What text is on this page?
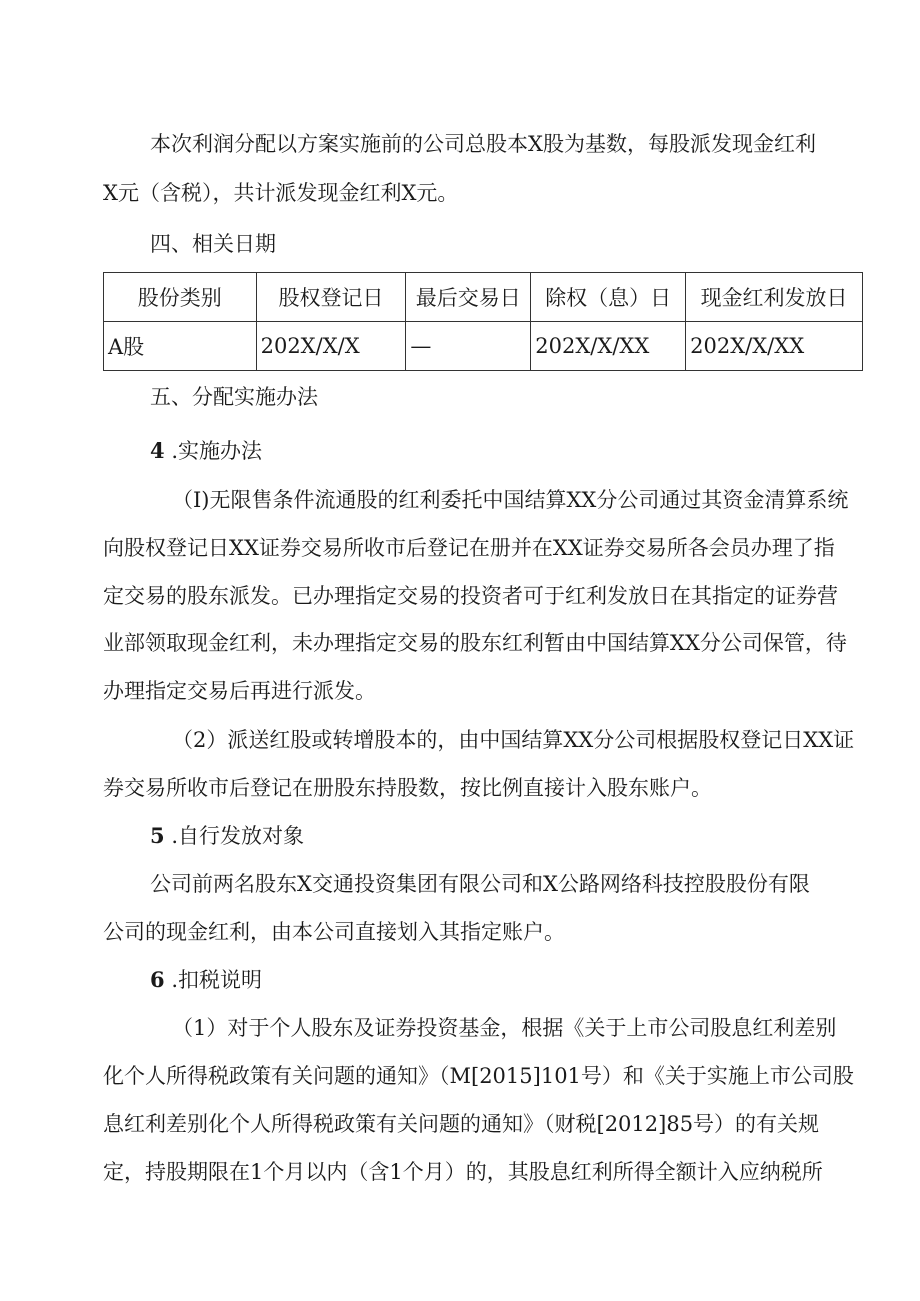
本次利润分配以方案实施前的公司总股本X股为基数，每股派发现金红利
X元（含税），共计派发现金红利X元。
四、相关日期
股份类别	股权登记日	最后交易日	除权（息）日	现金红利发放日
A股	202X/X/X	—	202X/X/XX	202X/X/XX
五、分配实施办法
4 .实施办法
（I)无限售条件流通股的红利委托中国结算XX分公司通过其资金清算系统
向股权登记日XX证券交易所收市后登记在册并在XX证券交易所各会员办理了指
定交易的股东派发。已办理指定交易的投资者可于红利发放日在其指定的证券营
业部领取现金红利，未办理指定交易的股东红利暂由中国结算XX分公司保管，待
办理指定交易后再进行派发。
（2）派送红股或转增股本的，由中国结算XX分公司根据股权登记日XX证
券交易所收市后登记在册股东持股数，按比例直接计入股东账户。
5 .自行发放对象
公司前两名股东X交通投资集团有限公司和X公路网络科技控股股份有限
公司的现金红利，由本公司直接划入其指定账户。
6 .扣税说明
（1）对于个人股东及证券投资基金，根据《关于上市公司股息红利差别
化个人所得税政策有关问题的通知》（M[2015]101号）和《关于实施上市公司股
息红利差别化个人所得税政策有关问题的通知》（财税[2012]85号）的有关规
定，持股期限在1个月以内（含1个月）的，其股息红利所得全额计入应纳税所
